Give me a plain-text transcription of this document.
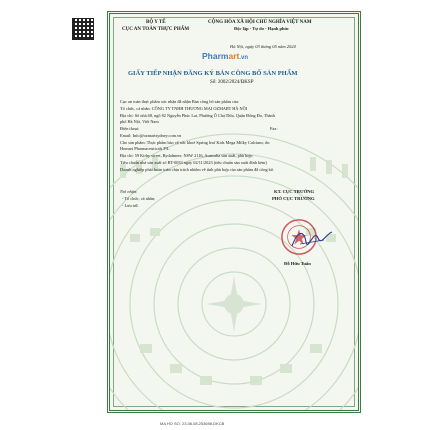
BỘ Y TẾ
CỤC AN TOÀN THỰC PHẨM
CỘNG HÒA XÃ HỘI CHỦ NGHĨA VIỆT NAM
Độc lập - Tự do - Hạnh phúc
Pharmart.vn
Hà Nội, ngày 03 tháng 05 năm 2024
GIẤY TIẾP NHẬN ĐĂNG KÝ BẢN CÔNG BỐ SẢN PHẨM
Số: 2002/2024/ĐKSP
Cục an toàn thực phẩm xác nhận đã nhận Bản công bố sản phẩm của:
Tổ chức, cá nhân: CÔNG TY TNHH THƯƠNG MẠI OZMART HÀ NỘI
Địa chỉ: Số nhà 68, ngõ 82 Nguyễn Phúc Lai, Phường Ô Chợ Dừa, Quận Đống Đa, Thành
phố Hà Nội, Việt Nam
Điện thoại:	Fax:
Email: Info@ozmartsydney.com.vn
Cho sản phẩm: Thực phẩm bảo vệ sức khoẻ Spring leaf Kids Mega Milky Calcium; do:
Homart Pharmaceuticals P/L
Địa chỉ: 59 Kirby street, Rydalmere, NSW 2116, Australia sản xuất, phù hợp:
Tiêu chuẩn nhà sản xuất số BT-0033 ngày 02/11/2023 (tiêu chuẩn sản xuất đính kèm)
Doanh nghiệp phải hoàn toàn chịu trách nhiệm về tính phù hợp của sản phẩm đã công bố.
Nơi nhận:
- Tổ chức, cá nhân;
- Lưu trữ.
KT. CỤC TRƯỞNG
PHÓ CỤC TRƯỞNG
Đỗ Hữu Tuấn
MA HO SO: 23.06.08.253698.DKCB
